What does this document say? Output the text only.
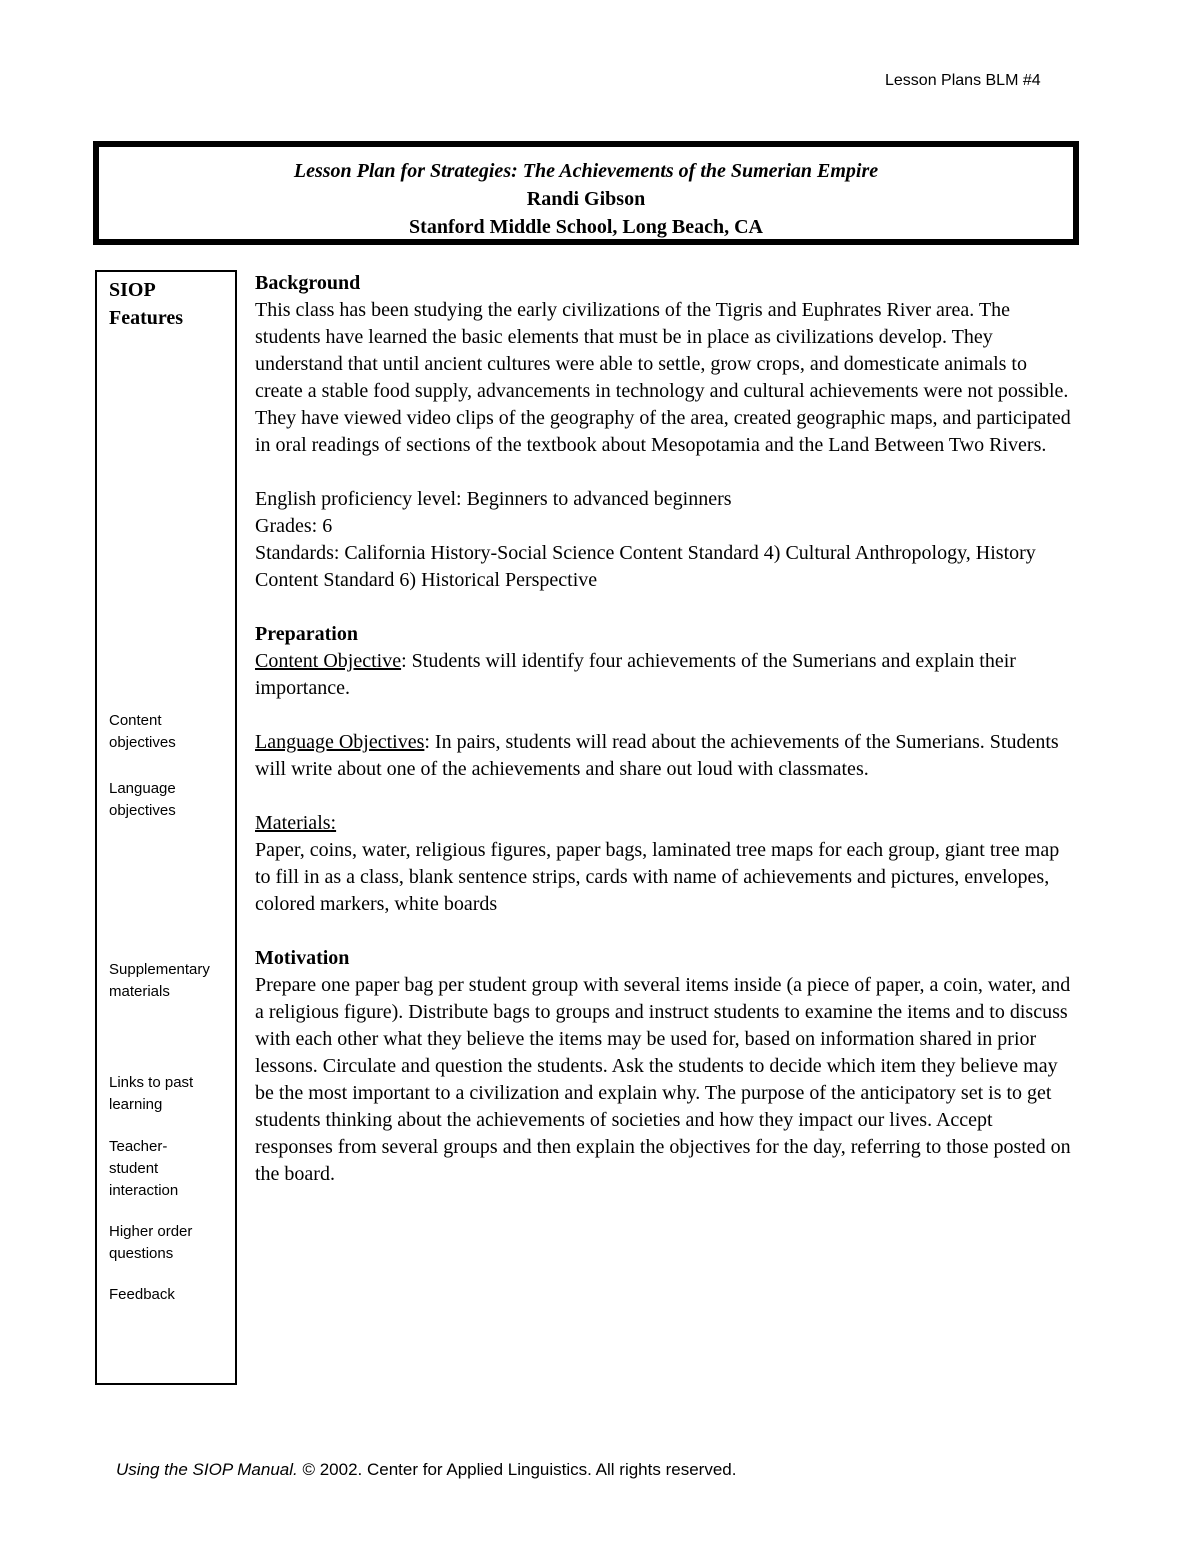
Lesson Plans BLM #4
Lesson Plan for Strategies: The Achievements of the Sumerian Empire
Randi Gibson
Stanford Middle School, Long Beach, CA
SIOP
Features
Content objectives
Language objectives
Supplementary materials
Links to past learning
Teacher-student interaction
Higher order questions
Feedback

Background

This class has been studying the early civilizations of the Tigris and Euphrates River area. The students have learned the basic elements that must be in place as civilizations develop. They understand that until ancient cultures were able to settle, grow crops, and domesticate animals to create a stable food supply, advancements in technology and cultural achievements were not possible. They have viewed video clips of the geography of the area, created geographic maps, and participated in oral readings of sections of the textbook about Mesopotamia and the Land Between Two Rivers.

English proficiency level: Beginners to advanced beginners

Grades: 6

Standards: California History-Social Science Content Standard 4) Cultural Anthropology, History Content Standard 6) Historical Perspective

Preparation

Content Objective: Students will identify four achievements of the Sumerians and explain their importance.

Language Objectives: In pairs, students will read about the achievements of the Sumerians. Students will write about one of the achievements and share out loud with classmates.

Materials:

Paper, coins, water, religious figures, paper bags, laminated tree maps for each group, giant tree map to fill in as a class, blank sentence strips, cards with name of achievements and pictures, envelopes, colored markers, white boards

Motivation

Prepare one paper bag per student group with several items inside (a piece of paper, a coin, water, and a religious figure). Distribute bags to groups and instruct students to examine the items and to discuss with each other what they believe the items may be used for, based on information shared in prior lessons. Circulate and question the students. Ask the students to decide which item they believe may be the most important to a civilization and explain why. The purpose of the anticipatory set is to get students thinking about the achievements of societies and how they impact our lives. Accept responses from several groups and then explain the objectives for the day, referring to those posted on the board.

Using the SIOP Manual. © 2002. Center for Applied Linguistics. All rights reserved.
